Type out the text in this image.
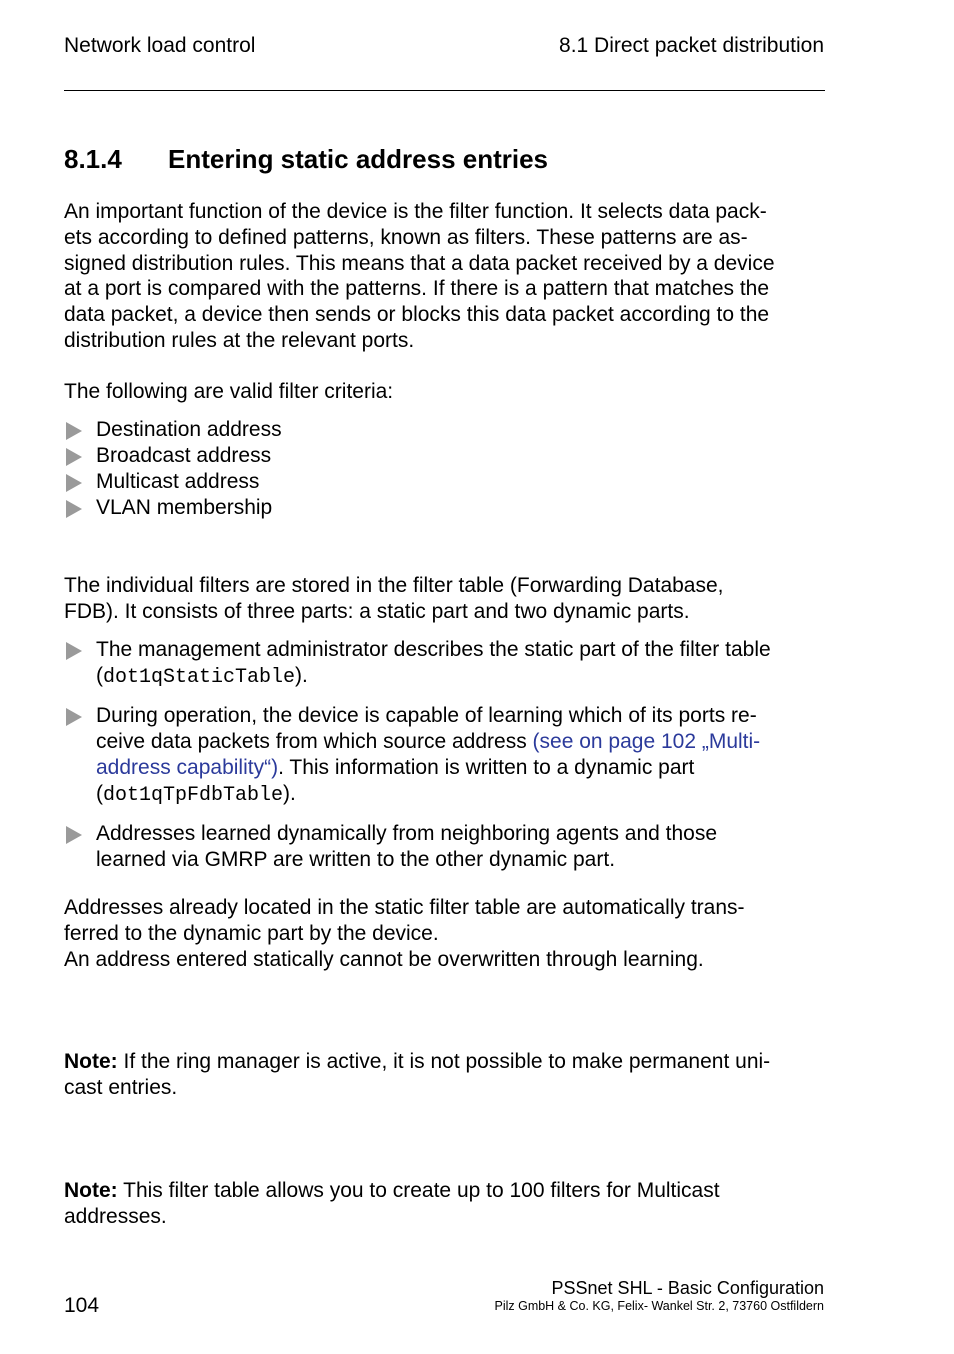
Network load control	8.1 Direct packet distribution
8.1.4 Entering static address entries

An important function of the device is the filter function. It selects data pack-
ets according to defined patterns, known as filters. These patterns are as-
signed distribution rules. This means that a data packet received by a device
at a port is compared with the patterns. If there is a pattern that matches the
data packet, a device then sends or blocks this data packet according to the
distribution rules at the relevant ports.

The following are valid filter criteria:

Destination address
Broadcast address
Multicast address
VLAN membership

The individual filters are stored in the filter table (Forwarding Database,
FDB). It consists of three parts: a static part and two dynamic parts.

The management administrator describes the static part of the filter table
(dot1qStaticTable).
During operation, the device is capable of learning which of its ports re-
ceive data packets from which source address (see on page 102 „Multi-
address capability“). This information is written to a dynamic part
(dot1qTpFdbTable).
Addresses learned dynamically from neighboring agents and those
learned via GMRP are written to the other dynamic part.

Addresses already located in the static filter table are automatically trans-
ferred to the dynamic part by the device.
An address entered statically cannot be overwritten through learning.

Note: If the ring manager is active, it is not possible to make permanent uni-
cast entries.

Note: This filter table allows you to create up to 100 filters for Multicast
addresses.

104
PSSnet SHL - Basic Configuration
Pilz GmbH & Co. KG, Felix- Wankel Str. 2, 73760 Ostfildern
